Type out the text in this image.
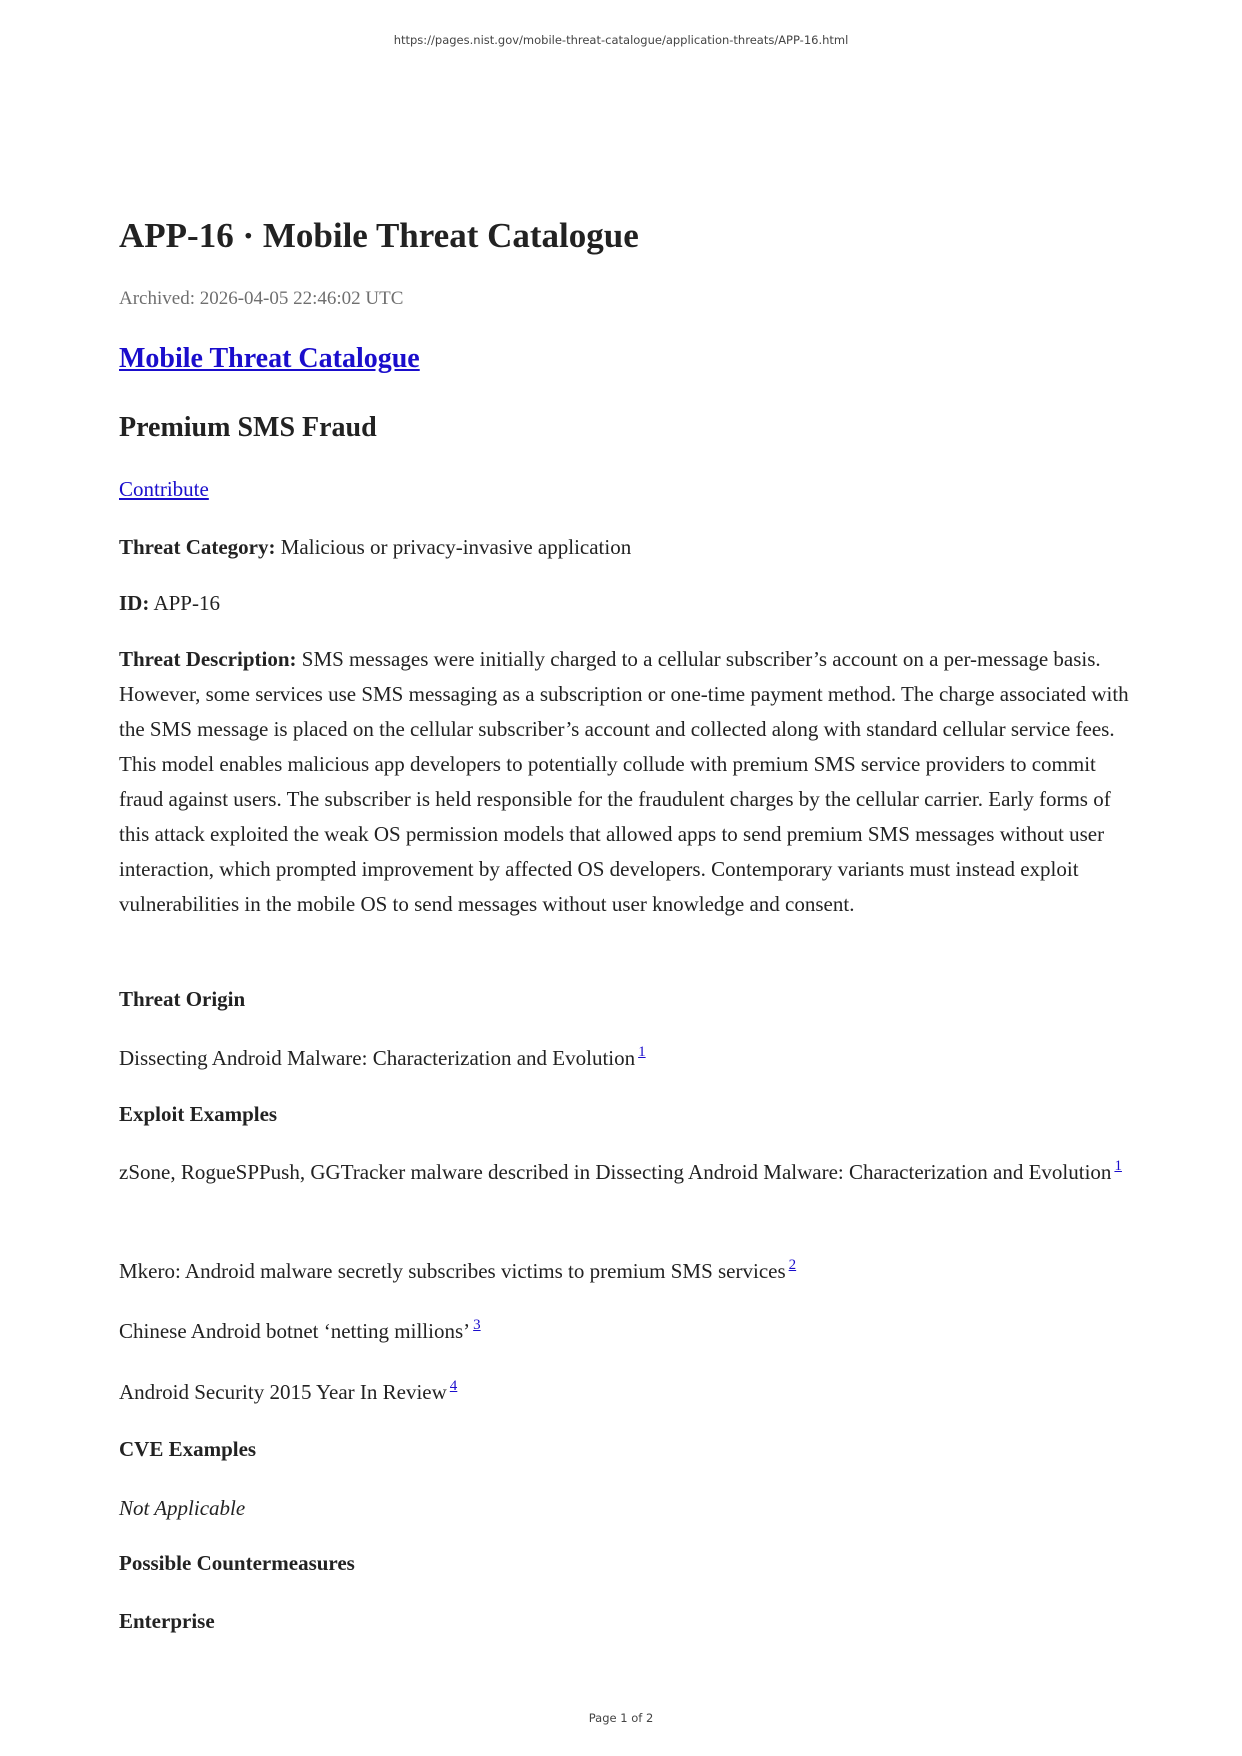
https://pages.nist.gov/mobile-threat-catalogue/application-threats/APP-16.html

APP-16 · Mobile Threat Catalogue

Archived: 2026-04-05 22:46:02 UTC

Mobile Threat Catalogue
Premium SMS Fraud

Contribute

Threat Category: Malicious or privacy-invasive application

ID: APP-16

Threat Description: SMS messages were initially charged to a cellular subscriber’s account on a per-message basis. However, some services use SMS messaging as a subscription or one-time payment method. The charge associated with the SMS message is placed on the cellular subscriber’s account and collected along with standard cellular service fees. This model enables malicious app developers to potentially collude with premium SMS service providers to commit fraud against users. The subscriber is held responsible for the fraudulent charges by the cellular carrier. Early forms of this attack exploited the weak OS permission models that allowed apps to send premium SMS messages without user interaction, which prompted improvement by affected OS developers. Contemporary variants must instead exploit vulnerabilities in the mobile OS to send messages without user knowledge and consent.

Threat Origin

Dissecting Android Malware: Characterization and Evolution $^1$

Exploit Examples

zSone, RogueSPPush, GGTracker malware described in Dissecting Android Malware: Characterization and Evolution $^1$

Mkero: Android malware secretly subscribes victims to premium SMS services $^2$

Chinese Android botnet ‘netting millions’ $^3$

Android Security 2015 Year In Review $^4$

CVE Examples

Not Applicable

Possible Countermeasures
Enterprise

Page 1 of 2
